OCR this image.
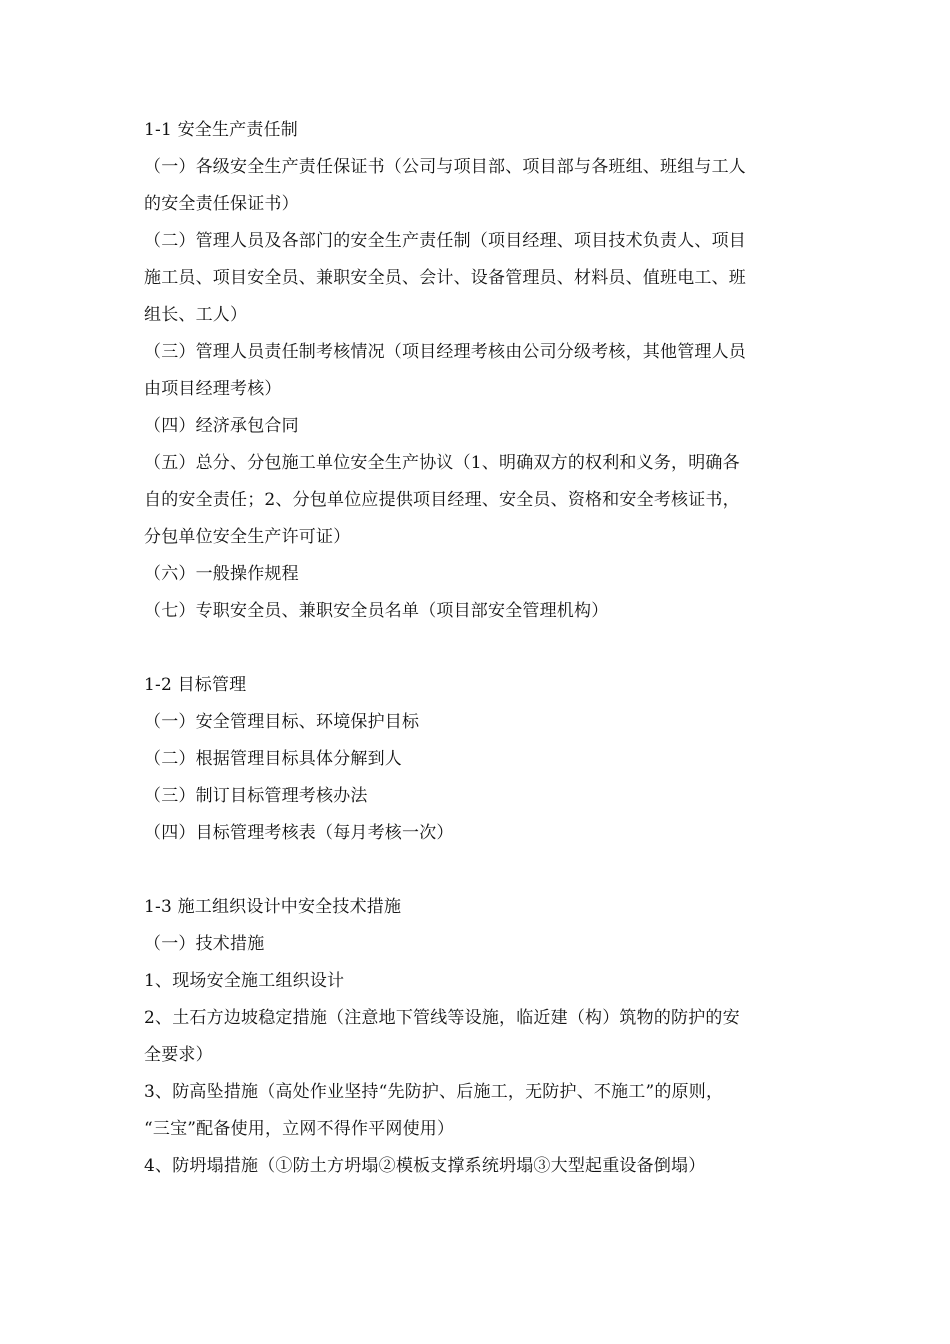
1-1 安全生产责任制
（一）各级安全生产责任保证书（公司与项目部、项目部与各班组、班组与工人
的安全责任保证书）
（二）管理人员及各部门的安全生产责任制（项目经理、项目技术负责人、项目
施工员、项目安全员、兼职安全员、会计、设备管理员、材料员、值班电工、班
组长、工人）
（三）管理人员责任制考核情况（项目经理考核由公司分级考核，其他管理人员
由项目经理考核）
（四）经济承包合同
（五）总分、分包施工单位安全生产协议（1、明确双方的权利和义务，明确各
自的安全责任；2、分包单位应提供项目经理、安全员、资格和安全考核证书，
分包单位安全生产许可证）
（六）一般操作规程
（七）专职安全员、兼职安全员名单（项目部安全管理机构）
1-2 目标管理
（一）安全管理目标、环境保护目标
（二）根据管理目标具体分解到人
（三）制订目标管理考核办法
（四）目标管理考核表（每月考核一次）
1-3 施工组织设计中安全技术措施
（一）技术措施
1、现场安全施工组织设计
2、土石方边坡稳定措施（注意地下管线等设施，临近建（构）筑物的防护的安
全要求）
3、防高坠措施（高处作业坚持“先防护、后施工，无防护、不施工”的原则，
“三宝”配备使用，立网不得作平网使用）
4、防坍塌措施（①防土方坍塌②模板支撑系统坍塌③大型起重设备倒塌）
